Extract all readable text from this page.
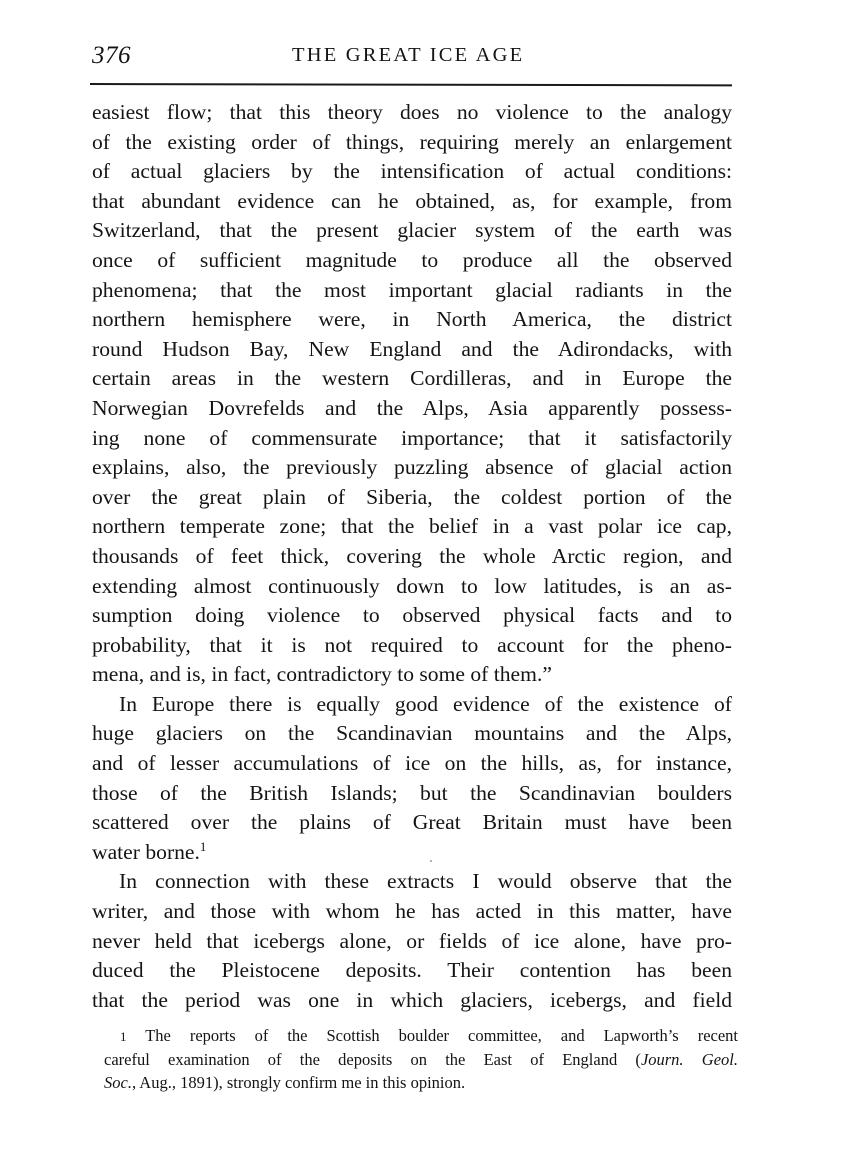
376	THE GREAT ICE AGE
easiest flow; that this theory does no violence to the analogy
of the existing order of things, requiring merely an enlargement
of actual glaciers by the intensification of actual conditions:
that abundant evidence can he obtained, as, for example, from
Switzerland, that the present glacier system of the earth was
once of sufficient magnitude to produce all the observed
phenomena; that the most important glacial radiants in the
northern hemisphere were, in North America, the district
round Hudson Bay, New England and the Adirondacks, with
certain areas in the western Cordilleras, and in Europe the
Norwegian Dovrefelds and the Alps, Asia apparently possess-
ing none of commensurate importance; that it satisfactorily
explains, also, the previously puzzling absence of glacial action
over the great plain of Siberia, the coldest portion of the
northern temperate zone; that the belief in a vast polar ice cap,
thousands of feet thick, covering the whole Arctic region, and
extending almost continuously down to low latitudes, is an as-
sumption doing violence to observed physical facts and to
probability, that it is not required to account for the pheno-
mena, and is, in fact, contradictory to some of them.”
In Europe there is equally good evidence of the existence of
huge glaciers on the Scandinavian mountains and the Alps,
and of lesser accumulations of ice on the hills, as, for instance,
those of the British Islands; but the Scandinavian boulders
scattered over the plains of Great Britain must have been
water borne.$^1$
In connection with these extracts I would observe that the
writer, and those with whom he has acted in this matter, have
never held that icebergs alone, or fields of ice alone, have pro-
duced the Pleistocene deposits. Their contention has been
that the period was one in which glaciers, icebergs, and field
1 The reports of the Scottish boulder committee, and Lapworth’s recent
careful examination of the deposits on the East of England (Journ. Geol.
Soc., Aug., 1891), strongly confirm me in this opinion.
